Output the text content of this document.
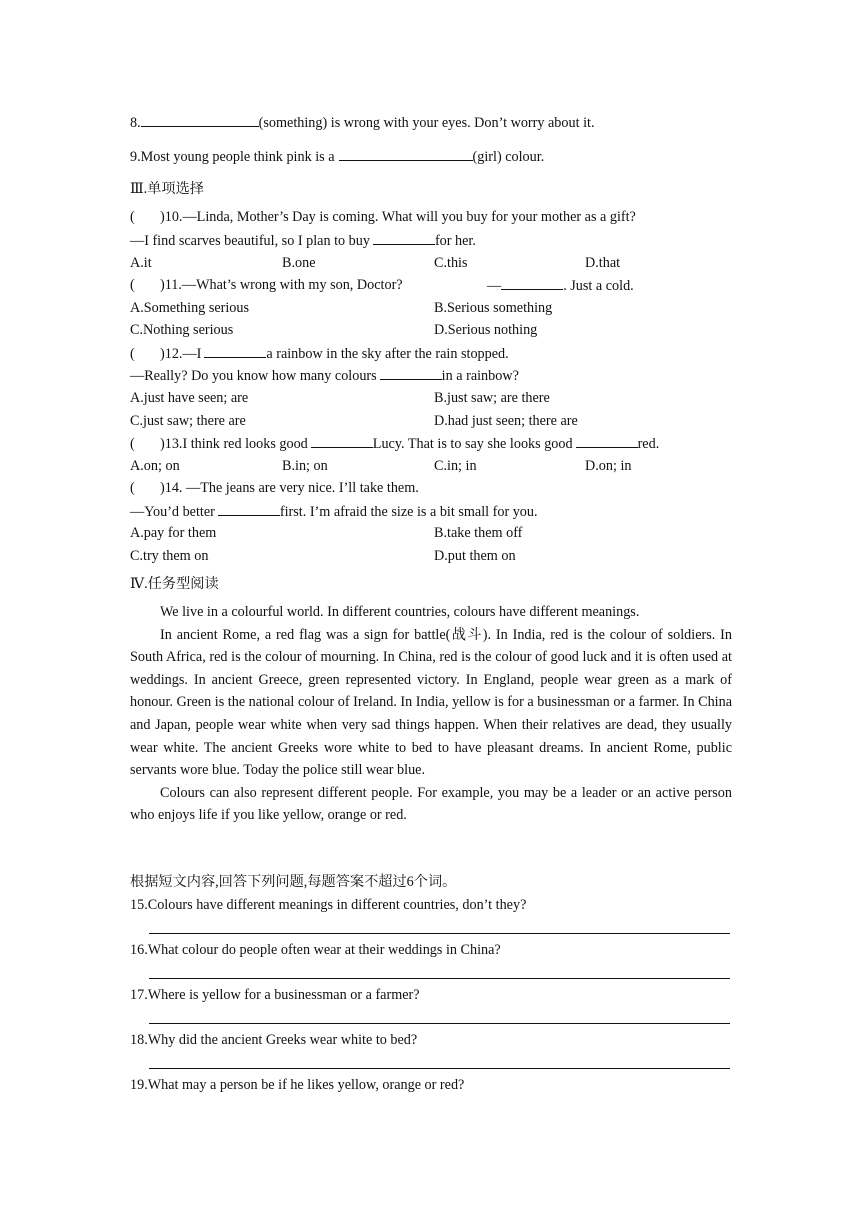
8.	(something) is wrong with your eyes. Don’t worry about it.
9.Most young people think pink is a	(girl) colour.
Ⅲ.单项选择
( )10.—Linda, Mother’s Day is coming. What will you buy for your mother as a gift?
—I find scarves beautiful, so I plan to buy	for her.
A.it	B.one	C.this	D.that
( )11.—What’s wrong with my son, Doctor?	—	. Just a cold.
A.Something serious	B.Serious something
C.Nothing serious	D.Serious nothing
( )12.—I	a rainbow in the sky after the rain stopped.
—Really? Do you know how many colours	in a rainbow?
A.just have seen; are	B.just saw; are there
C.just saw; there are	D.had just seen; there are
( )13.I think red looks good	Lucy. That is to say she looks good	red.
A.on; on	B.in; on	C.in; in	D.on; in
( )14. —The jeans are very nice. I’ll take them.
—You’d better	first. I’m afraid the size is a bit small for you.
A.pay for them	B.take them off
C.try them on	D.put them on
Ⅳ.任务型阅读

We live in a colourful world. In different countries, colours have different meanings.

In ancient Rome, a red flag was a sign for battle(战斗). In India, red is the colour of soldiers. In South Africa, red is the colour of mourning. In China, red is the colour of good luck and it is often used at weddings. In ancient Greece, green represented victory. In England, people wear green as a mark of honour. Green is the national colour of Ireland. In India, yellow is for a businessman or a farmer. In China and Japan, people wear white when very sad things happen. When their relatives are dead, they usually wear white. The ancient Greeks wore white to bed to have pleasant dreams. In ancient Rome, public servants wore blue. Today the police still wear blue.

Colours can also represent different people. For example, you may be a leader or an active person who enjoys life if you like yellow, orange or red.

根据短文内容,回答下列问题,每题答案不超过6个词。
15.Colours have different meanings in different countries, don’t they?
16.What colour do people often wear at their weddings in China?
17.Where is yellow for a businessman or a farmer?
18.Why did the ancient Greeks wear white to bed?
19.What may a person be if he likes yellow, orange or red?
